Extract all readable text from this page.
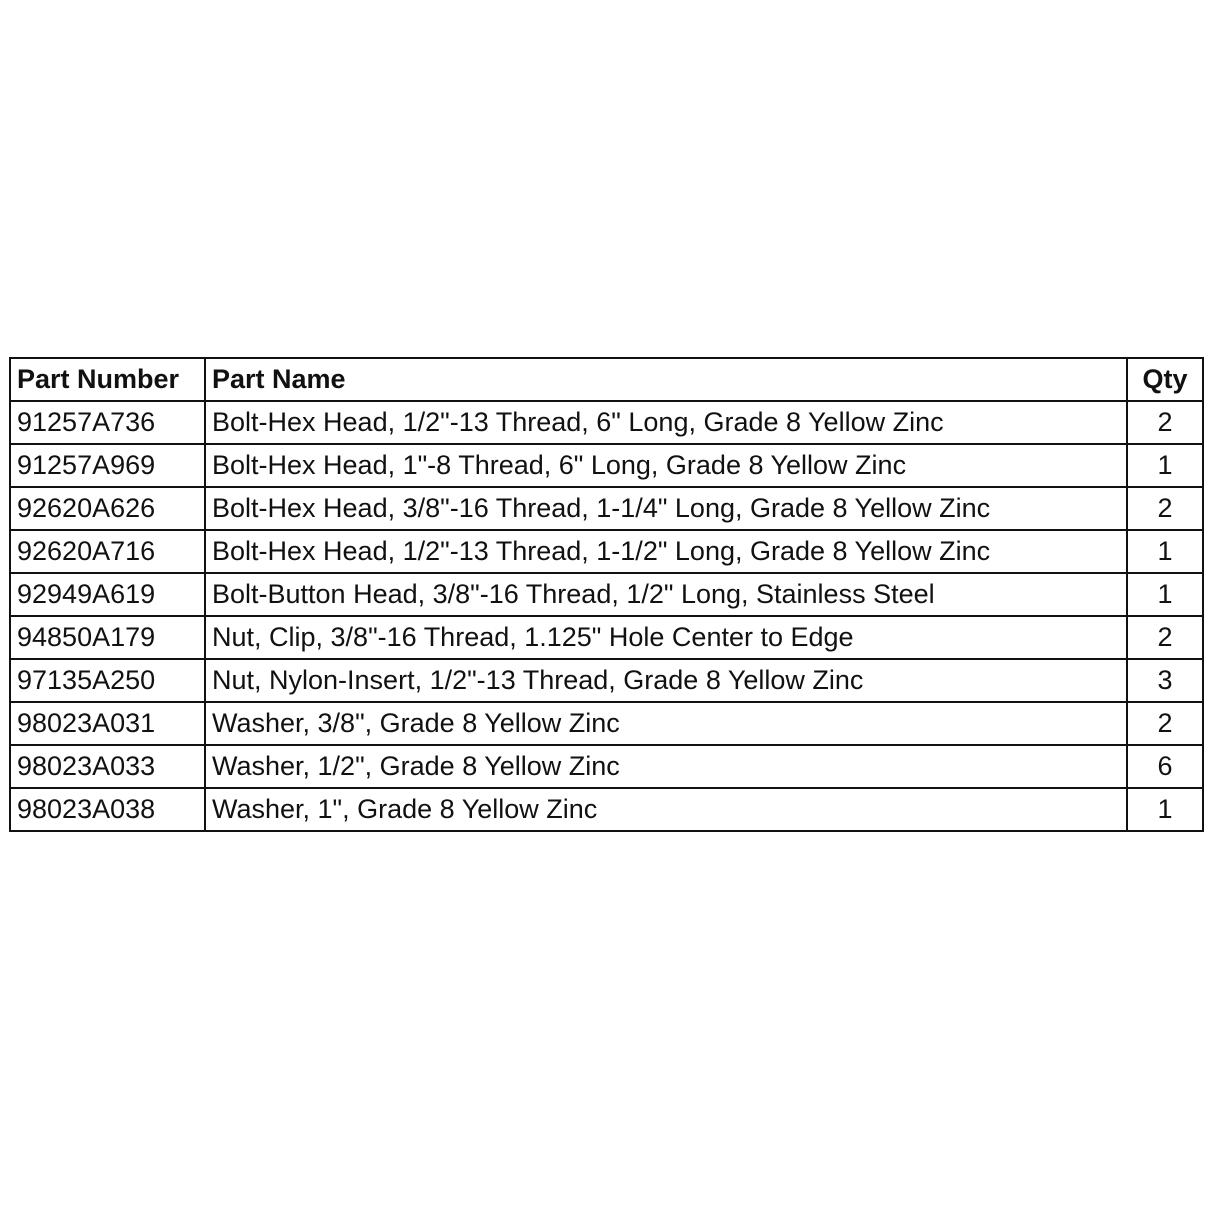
Part Number	Part Name	Qty
91257A736	Bolt-Hex Head, 1/2"-13 Thread, 6" Long, Grade 8 Yellow Zinc	2
91257A969	Bolt-Hex Head, 1"-8 Thread, 6" Long, Grade 8 Yellow Zinc	1
92620A626	Bolt-Hex Head, 3/8"-16 Thread, 1-1/4" Long, Grade 8 Yellow Zinc	2
92620A716	Bolt-Hex Head, 1/2"-13 Thread, 1-1/2" Long, Grade 8 Yellow Zinc	1
92949A619	Bolt-Button Head, 3/8"-16 Thread, 1/2" Long, Stainless Steel	1
94850A179	Nut, Clip, 3/8"-16 Thread, 1.125" Hole Center to Edge	2
97135A250	Nut, Nylon-Insert, 1/2"-13 Thread, Grade 8 Yellow Zinc	3
98023A031	Washer, 3/8", Grade 8 Yellow Zinc	2
98023A033	Washer, 1/2", Grade 8 Yellow Zinc	6
98023A038	Washer, 1", Grade 8 Yellow Zinc	1
